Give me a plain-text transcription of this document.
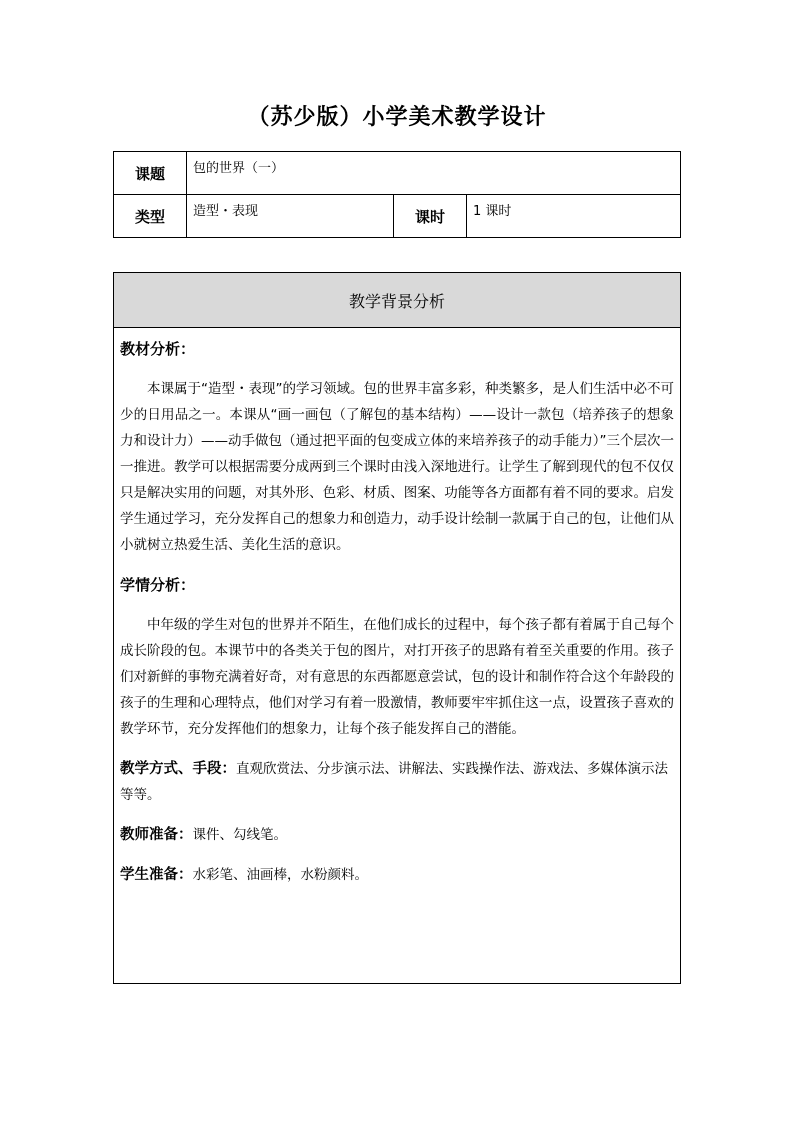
（苏少版）小学美术教学设计
课题	包的世界（一）		
类型	造型・表现	课时	1 课时
教学背景分析
教材分析：

本课属于“造型・表现”的学习领域。包的世界丰富多彩，种类繁多，是人们生活中必不可少的日用品之一。本课从“画一画包（了解包的基本结构）——设计一款包（培养孩子的想象力和设计力）——动手做包（通过把平面的包变成立体的来培养孩子的动手能力）”三个层次一一推进。教学可以根据需要分成两到三个课时由浅入深地进行。让学生了解到现代的包不仅仅只是解决实用的问题，对其外形、色彩、材质、图案、功能等各方面都有着不同的要求。启发学生通过学习，充分发挥自己的想象力和创造力，动手设计绘制一款属于自己的包，让他们从小就树立热爱生活、美化生活的意识。

学情分析：

中年级的学生对包的世界并不陌生，在他们成长的过程中，每个孩子都有着属于自己每个成长阶段的包。本课节中的各类关于包的图片，对打开孩子的思路有着至关重要的作用。孩子们对新鲜的事物充满着好奇，对有意思的东西都愿意尝试，包的设计和制作符合这个年龄段的孩子的生理和心理特点，他们对学习有着一股激情，教师要牢牢抓住这一点，设置孩子喜欢的教学环节，充分发挥他们的想象力，让每个孩子能发挥自己的潜能。

教学方式、手段：直观欣赏法、分步演示法、讲解法、实践操作法、游戏法、多媒体演示法等等。
教师准备：课件、勾线笔。
学生准备：水彩笔、油画棒，水粉颜料。
